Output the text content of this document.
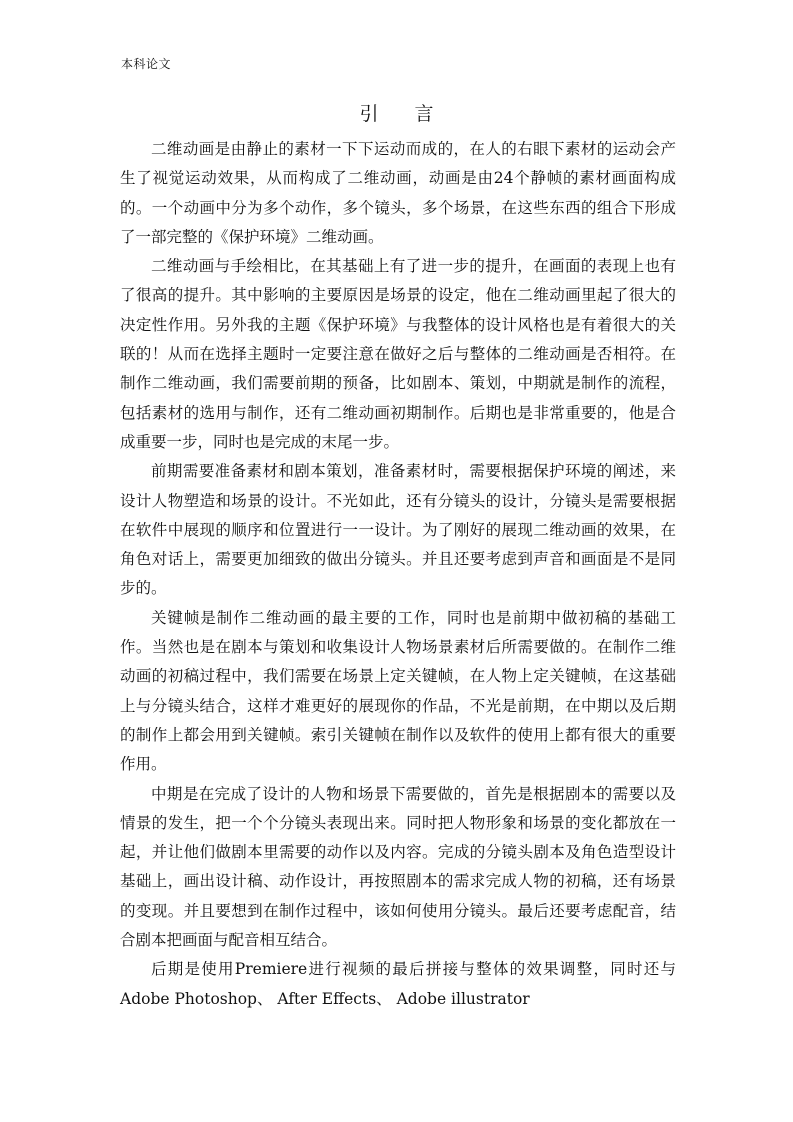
本科论文
引 言

二维动画是由静止的素材一下下运动而成的，在人的右眼下素材的运动会产生了视觉运动效果，从而构成了二维动画，动画是由24个静帧的素材画面构成的。一个动画中分为多个动作，多个镜头，多个场景，在这些东西的组合下形成了一部完整的《保护环境》二维动画。

二维动画与手绘相比，在其基础上有了进一步的提升，在画面的表现上也有了很高的提升。其中影响的主要原因是场景的设定，他在二维动画里起了很大的决定性作用。另外我的主题《保护环境》与我整体的设计风格也是有着很大的关联的！从而在选择主题时一定要注意在做好之后与整体的二维动画是否相符。在制作二维动画，我们需要前期的预备，比如剧本、策划，中期就是制作的流程，包括素材的选用与制作，还有二维动画初期制作。后期也是非常重要的，他是合成重要一步，同时也是完成的末尾一步。

前期需要准备素材和剧本策划，准备素材时，需要根据保护环境的阐述，来设计人物塑造和场景的设计。不光如此，还有分镜头的设计，分镜头是需要根据在软件中展现的顺序和位置进行一一设计。为了刚好的展现二维动画的效果，在角色对话上，需要更加细致的做出分镜头。并且还要考虑到声音和画面是不是同步的。

关键帧是制作二维动画的最主要的工作，同时也是前期中做初稿的基础工作。当然也是在剧本与策划和收集设计人物场景素材后所需要做的。在制作二维动画的初稿过程中，我们需要在场景上定关键帧，在人物上定关键帧，在这基础上与分镜头结合，这样才难更好的展现你的作品，不光是前期，在中期以及后期的制作上都会用到关键帧。索引关键帧在制作以及软件的使用上都有很大的重要作用。

中期是在完成了设计的人物和场景下需要做的，首先是根据剧本的需要以及情景的发生，把一个个分镜头表现出来。同时把人物形象和场景的变化都放在一起，并让他们做剧本里需要的动作以及内容。完成的分镜头剧本及角色造型设计基础上，画出设计稿、动作设计，再按照剧本的需求完成人物的初稿，还有场景的变现。并且要想到在制作过程中，该如何使用分镜头。最后还要考虑配音，结合剧本把画面与配音相互结合。

后期是使用Premiere进行视频的最后拼接与整体的效果调整，同时还与 Adobe Photoshop、 After Effects、 Adobe illustrator
